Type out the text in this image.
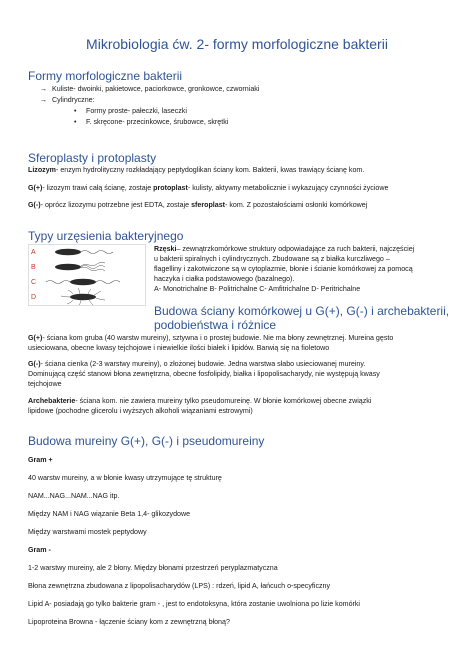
Mikrobiologia ćw. 2- formy morfologiczne bakterii
Formy morfologiczne bakterii
→ Kuliste- dwoinki, pakietowce, paciorkowce, gronkowce, czworniaki
→ Cylindryczne:
• Formy proste- pałeczki, laseczki
• F. skręcone- przecinkowce, śrubowce, skrętki
Sferoplasty i protoplasty
Lizozym- enzym hydrolityczny rozkładający peptydoglikan ściany kom. Bakterii, kwas trawiący ścianę kom.
G(+)- lizozym trawi całą ścianę, zostaje protoplast- kulisty, aktywny metabolicznie i wykazujący czynności życiowe
G(-)- oprócz lizozymu potrzebne jest EDTA, zostaje sferoplast- kom. Z pozostałościami osłonki komórkowej
Typy urzęsienia bakteryjnego
A
B
C
D
Rzęski– zewnątrzkomórkowe struktury odpowiadające za ruch bakterii, najczęściej
u bakterii spiralnych i cylindrycznych. Zbudowane są z białka kurczliwego –
flagelliny i zakotwiczone są w cytoplazmie, błonie i ścianie komórkowej za pomocą
haczyka i ciałka podstawowego (bazalnego).
A- Monotrichalne B- Politrichalne C- Amfitrichalne D- Peritrichalne
Budowa ściany komórkowej u G(+), G(-) i archebakterii,
podobieństwa i różnice
G(+)- ściana kom gruba (40 warstw mureiny), sztywna i o prostej budowie. Nie ma błony zewnętrznej. Mureina gęsto
usieciowana, obecne kwasy tejchojowe i niewielkie ilości białek i lipidów. Barwią się na fioletowo
G(-)- ściana cienka (2-3 warstwy mureiny), o złożonej budowie. Jedna warstwa słabo usieciowanej mureiny.
Dominującą część stanowi błona zewnętrzna, obecne fosfolipidy, białka i lipopolisacharydy, nie występują kwasy
tejchojowe
Archebakterie- ściana kom. nie zawiera mureiny tylko pseudomureinę. W błonie komórkowej obecne związki
lipidowe (pochodne glicerolu i wyższych alkoholi wiązaniami estrowymi)
Budowa mureiny G(+), G(-) i pseudomureiny
Gram +
40 warstw mureiny, a w błonie kwasy utrzymujące tę strukturę
NAM...NAG...NAM...NAG itp.
Między NAM i NAG wiązanie Beta 1,4- glikozydowe
Między warstwami mostek peptydowy
Gram -
1-2 warstwy mureiny, ale 2 błony. Między błonami przestrzeń peryplazmatyczna
Błona zewnętrzna zbudowana z lipopolisacharydów (LPS) : rdzeń, lipid A, łańcuch o-specyficzny
Lipid A- posiadają go tylko bakterie gram - , jest to endotoksyna, która zostanie uwolniona po lizie komórki
Lipoproteina Browna - łączenie ściany kom z zewnętrzną błoną?
